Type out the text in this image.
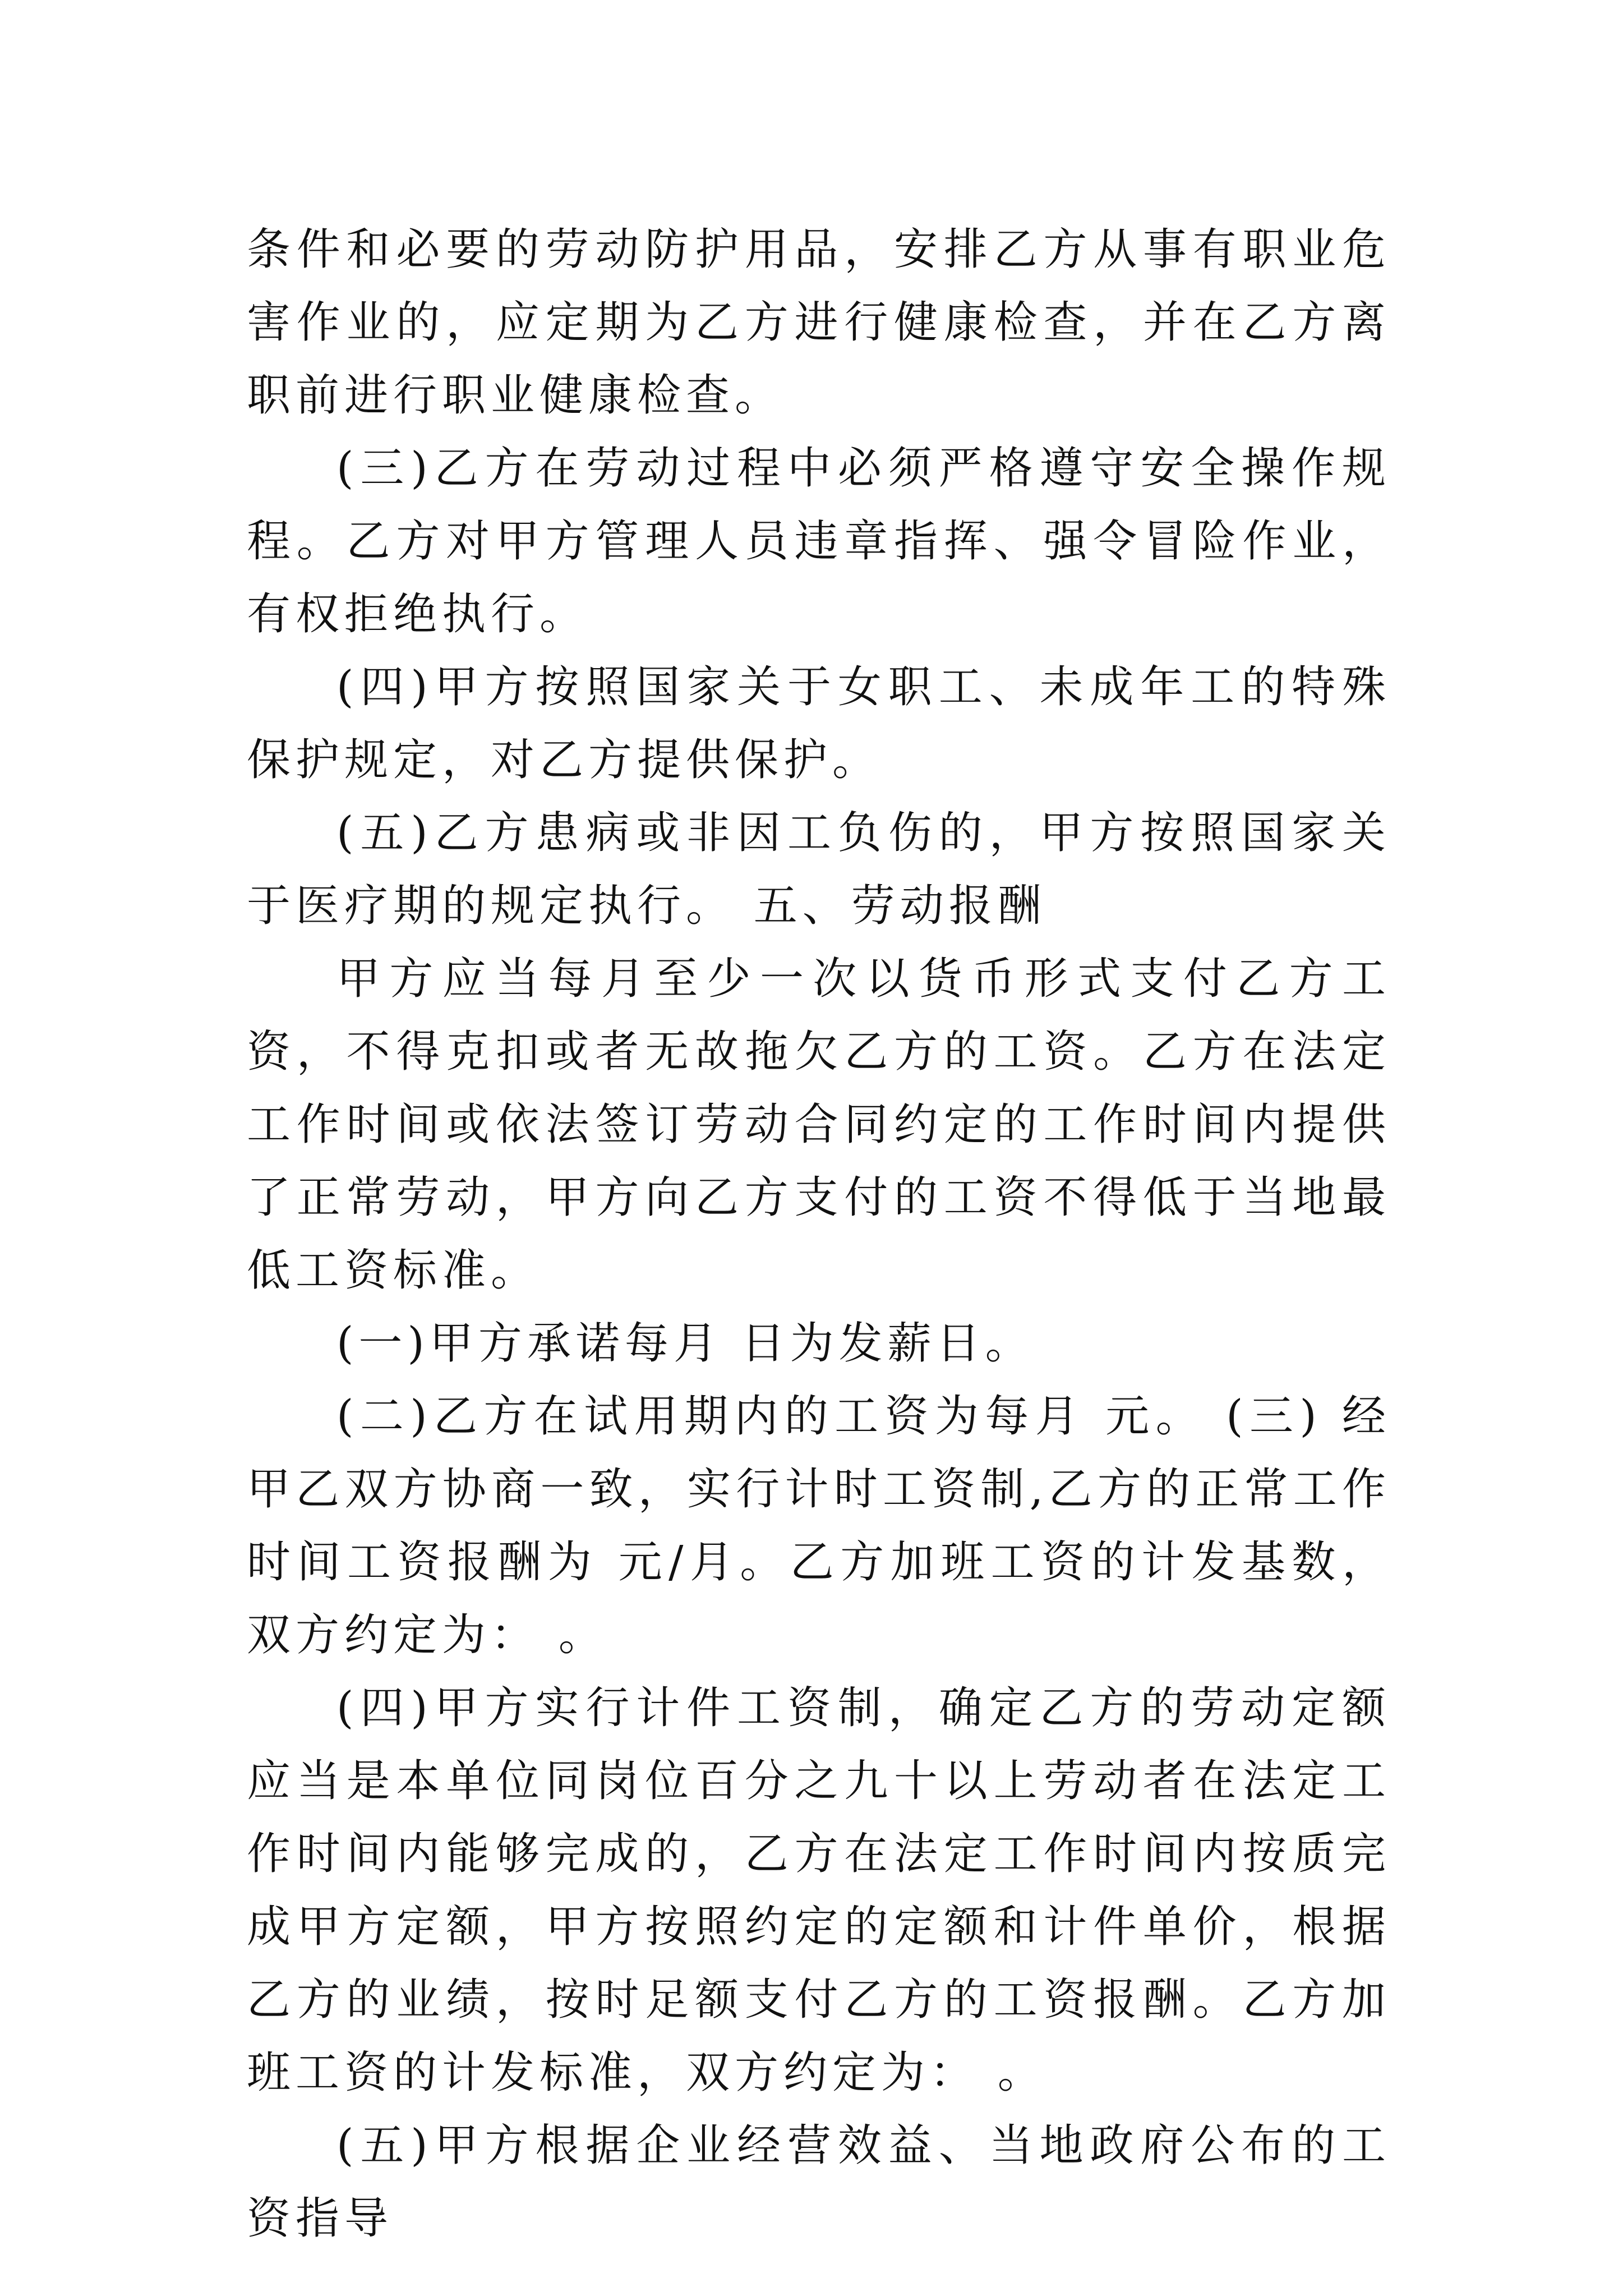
条件和必要的劳动防护用品，安排乙方从事有职业危害作业的，应定期为乙方进行健康检查，并在乙方离职前进行职业健康检查。

(三)乙方在劳动过程中必须严格遵守安全操作规程。乙方对甲方管理人员违章指挥、强令冒险作业，有权拒绝执行。

(四)甲方按照国家关于女职工、未成年工的特殊保护规定，对乙方提供保护。

(五)乙方患病或非因工负伤的，甲方按照国家关于医疗期的规定执行。 五、劳动报酬

甲方应当每月至少一次以货币形式支付乙方工资，不得克扣或者无故拖欠乙方的工资。乙方在法定工作时间或依法签订劳动合同约定的工作时间内提供了正常劳动，甲方向乙方支付的工资不得低于当地最低工资标准。

(一)甲方承诺每月 日为发薪日。

(二)乙方在试用期内的工资为每月 元。 (三) 经甲乙双方协商一致，实行计时工资制,乙方的正常工作时间工资报酬为 元/月。乙方加班工资的计发基数，双方约定为： 。

(四)甲方实行计件工资制，确定乙方的劳动定额应当是本单位同岗位百分之九十以上劳动者在法定工作时间内能够完成的，乙方在法定工作时间内按质完成甲方定额，甲方按照约定的定额和计件单价，根据乙方的业绩，按时足额支付乙方的工资报酬。乙方加班工资的计发标准，双方约定为： 。

(五)甲方根据企业经营效益、当地政府公布的工资指导
